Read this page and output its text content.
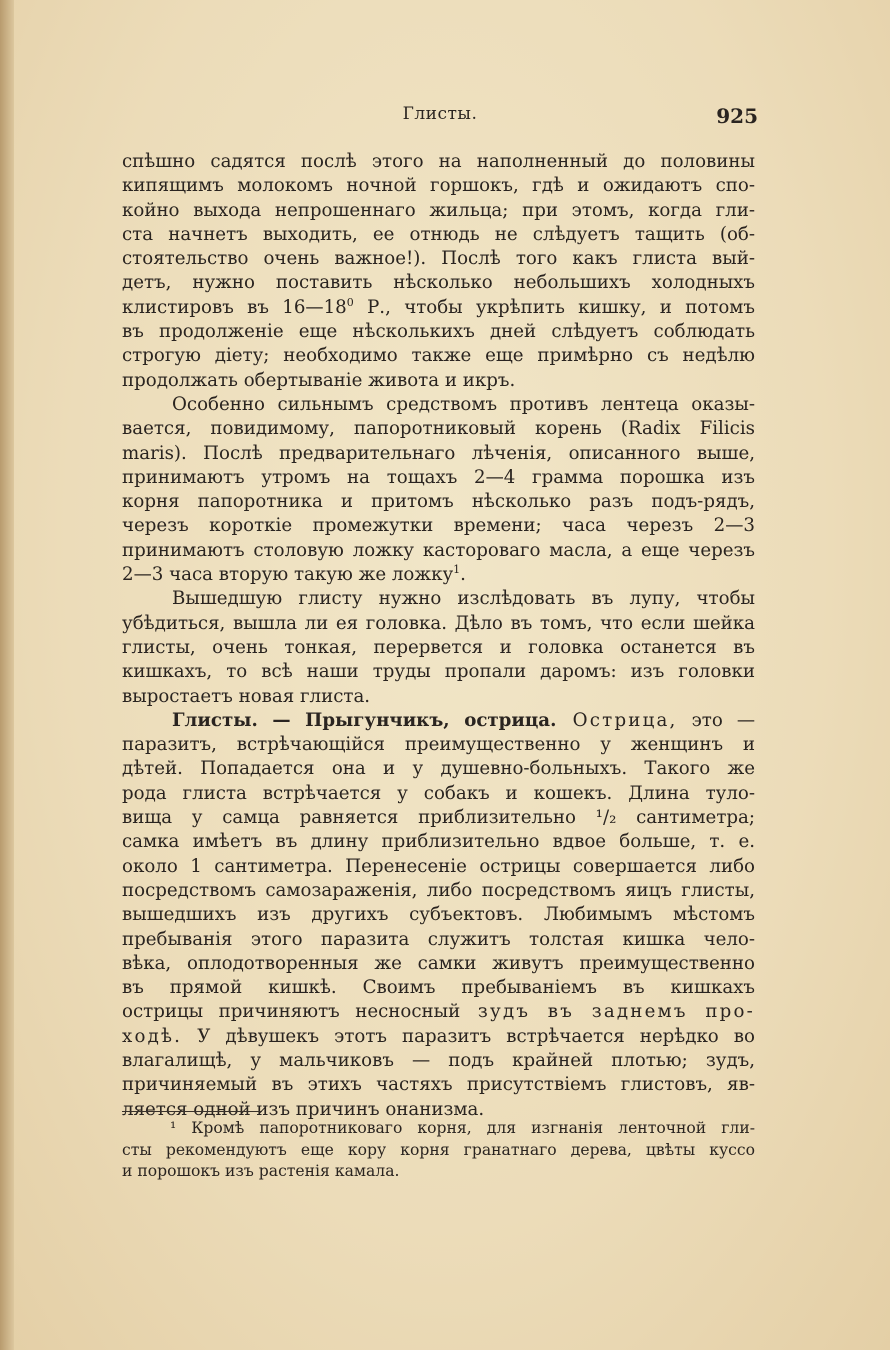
Глисты.	925
спѣшно садятся послѣ этого на наполненный до половины
кипящимъ молокомъ ночной горшокъ, гдѣ и ожидаютъ спо-
койно выхода непрошеннаго жильца; при этомъ, когда гли-
ста начнетъ выходить, ее отнюдь не слѣдуетъ тащить (об-
стоятельство очень важное!). Послѣ того какъ глиста вый-
детъ, нужно поставить нѣсколько небольшихъ холодныхъ
клистировъ въ $16—18^0$ Р., чтобы укрѣпить кишку, и потомъ
въ продолженіе еще нѣсколькихъ дней слѣдуетъ соблюдать
строгую діету; необходимо также еще примѣрно съ недѣлю
продолжать обертываніе живота и икръ.
Особенно сильнымъ средствомъ противъ лентеца оказы-
вается, повидимому, папоротниковый корень (Radix Filicis
maris). Послѣ предварительнаго лѣченія, описанного выше,
принимаютъ утромъ на тощахъ 2—4 грамма порошка изъ
корня папоротника и притомъ нѣсколько разъ подъ-рядъ,
черезъ короткіе промежутки времени; часа черезъ 2—3
принимаютъ столовую ложку касторовaго масла, а еще черезъ
2—3 часа вторую такую же ложку$^1$.
Вышедшую глисту нужно изслѣдовать въ лупу, чтобы
убѣдиться, вышла ли ея головка. Дѣло въ томъ, что если шейка
глисты, очень тонкая, перервется и головка останется въ
кишкахъ, то всѣ наши труды пропали даромъ: изъ головки
выростаетъ новая глиста.
Глисты. — Прыгунчикъ, острица. Острица, это —
паразитъ, встрѣчающійся преимущественно у женщинъ и
дѣтей. Попадается она и у душевно-больныхъ. Такого же
рода глиста встрѣчается у собакъ и кошекъ. Длина туло-
вища у самца равняется приблизительно ¹/₂ сантиметра;
самка имѣетъ въ длину приблизительно вдвое больше, т. е.
около 1 сантиметра. Перенесеніе острицы совершается либо
посредствомъ самозараженія, либо посредствомъ яицъ глисты,
вышедшихъ изъ другихъ субъектовъ. Любимымъ мѣстомъ
пребыванія этого паразита служитъ толстая кишка чело-
вѣка, оплодотворенныя же самки живутъ преимущественно
въ прямой кишкѣ. Своимъ пребываніемъ въ кишкахъ
острицы причиняютъ несносный зудъ въ заднемъ про-
ходѣ. У дѣвушекъ этотъ паразитъ встрѣчается нерѣдко во
влагалищѣ, у мальчиковъ — подъ крайней плотью; зудъ,
причиняемый въ этихъ частяхъ присутствіемъ глистовъ, яв-
ляется одной изъ причинъ онанизма.
¹ Кромѣ папоротниковаго корня, для изгнанія ленточной гли-
сты рекомендуютъ еще кору корня гранатнаго дерева, цвѣты куссо
и порошокъ изъ растенія камала.
